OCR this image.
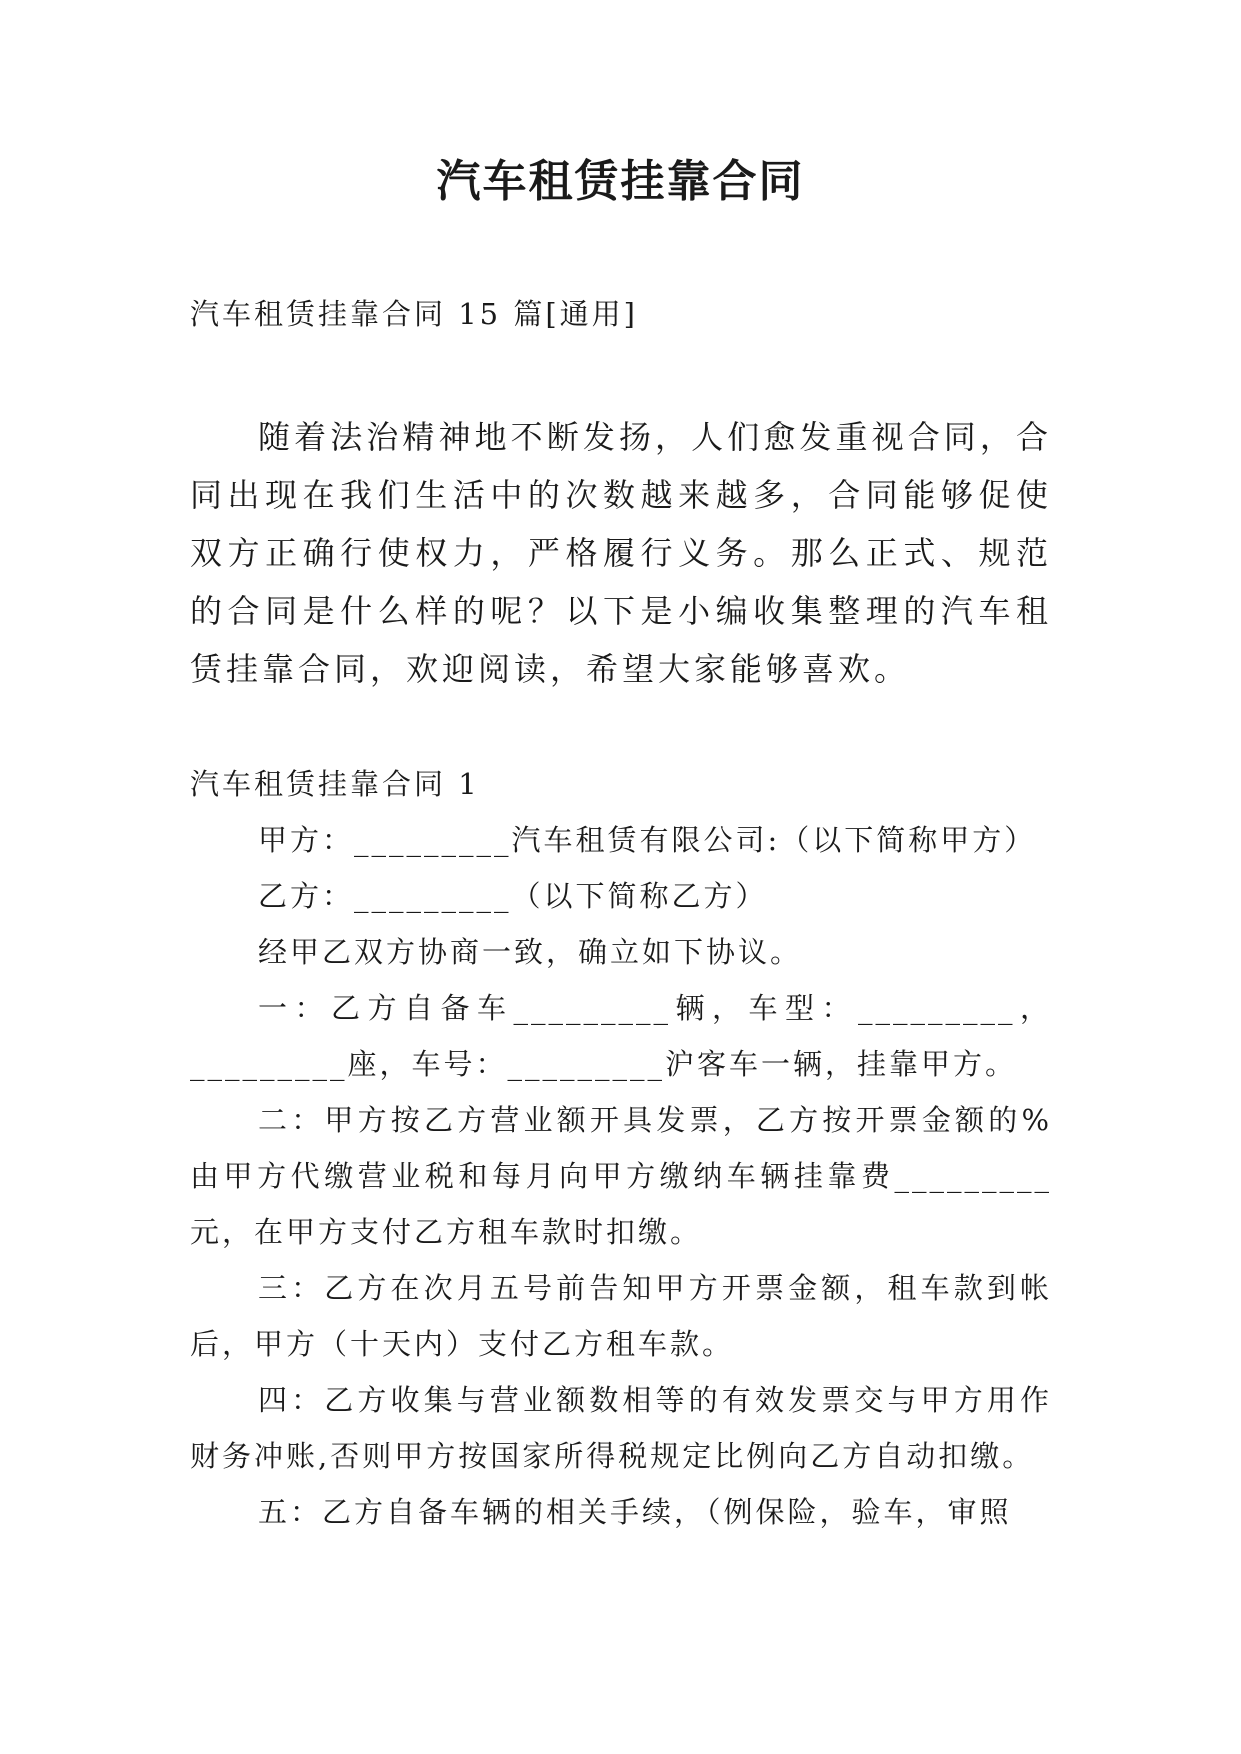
汽车租赁挂靠合同
汽车租赁挂靠合同 15 篇[通用]
随着法治精神地不断发扬，人们愈发重视合同，合同出现在我们生活中的次数越来越多，合同能够促使双方正确行使权力，严格履行义务。那么正式、规范的合同是什么样的呢？以下是小编收集整理的汽车租赁挂靠合同，欢迎阅读，希望大家能够喜欢。
汽车租赁挂靠合同 1
甲方：_________汽车租赁有限公司:（以下简称甲方）
乙方：_________（以下简称乙方）
经甲乙双方协商一致，确立如下协议。
一：乙方自备车_________辆，车型：_________，_________座，车号：_________沪客车一辆，挂靠甲方。
二：甲方按乙方营业额开具发票，乙方按开票金额的%由甲方代缴营业税和每月向甲方缴纳车辆挂靠费_________元，在甲方支付乙方租车款时扣缴。
三：乙方在次月五号前告知甲方开票金额，租车款到帐后，甲方（十天内）支付乙方租车款。
四：乙方收集与营业额数相等的有效发票交与甲方用作财务冲账,否则甲方按国家所得税规定比例向乙方自动扣缴。
五：乙方自备车辆的相关手续，（例保险，验车，审照
